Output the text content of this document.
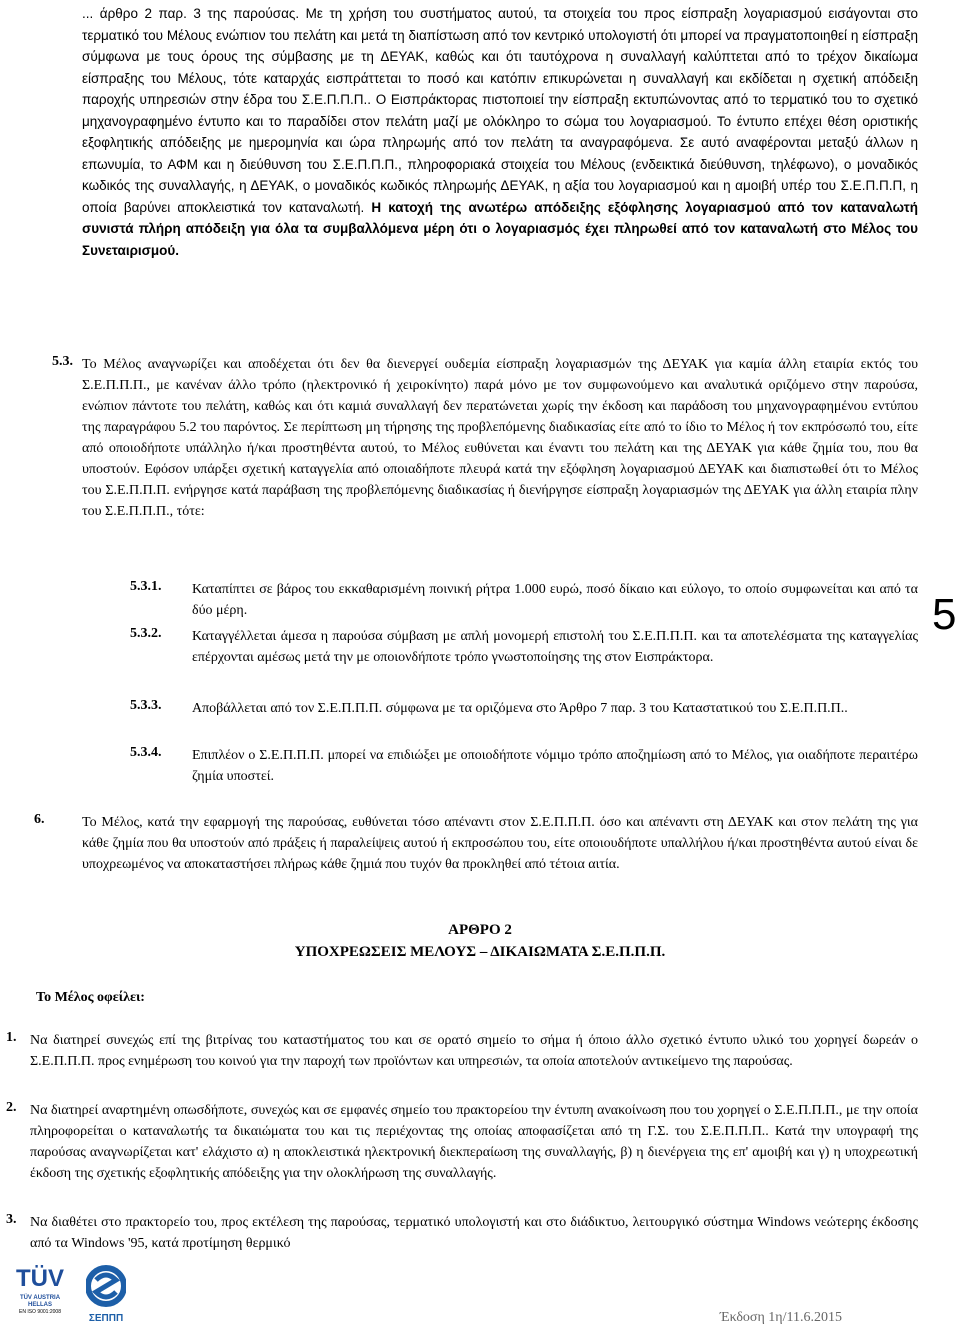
... άρθρο 2 παρ. 3 της παρούσας. Με τη χρήση του συστήματος αυτού, τα στοιχεία του προς είσπραξη λογαριασμού εισάγονται στο τερματικό του Μέλους ενώπιον του πελάτη και μετά τη διαπίστωση από τον κεντρικό υπολογιστή ότι μπορεί να πραγματοποιηθεί η είσπραξη σύμφωνα με τους όρους της σύμβασης με τη ΔΕΥΑΚ, καθώς και ότι ταυτόχρονα η συναλλαγή καλύπτεται από το τρέχον δικαίωμα είσπραξης του Μέλους, τότε καταρχάς εισπράττεται το ποσό και κατόπιν επικυρώνεται η συναλλαγή και εκδίδεται η σχετική απόδειξη παροχής υπηρεσιών στην έδρα του Σ.Ε.Π.Π.Π.. Ο Εισπράκτορας πιστοποιεί την είσπραξη εκτυπώνοντας από το τερματικό του το σχετικό μηχανογραφημένο έντυπο και το παραδίδει στον πελάτη μαζί με ολόκληρο το σώμα του λογαριασμού. Το έντυπο επέχει θέση οριστικής εξοφλητικής απόδειξης με ημερομηνία και ώρα πληρωμής από τον πελάτη τα αναγραφόμενα. Σε αυτό αναφέρονται μεταξύ άλλων η επωνυμία, το ΑΦΜ και η διεύθυνση του Σ.Ε.Π.Π.Π., πληροφοριακά στοιχεία του Μέλους (ενδεικτικά διεύθυνση, τηλέφωνο), ο μοναδικός κωδικός της συναλλαγής, η ΔΕΥΑΚ, ο μοναδικός κωδικός πληρωμής ΔΕΥΑΚ, η αξία του λογαριασμού και η αμοιβή υπέρ του Σ.Ε.Π.Π.Π, η οποία βαρύνει αποκλειστικά τον καταναλωτή. Η κατοχή της ανωτέρω απόδειξης εξόφλησης λογαριασμού από τον καταναλωτή συνιστά πλήρη απόδειξη για όλα τα συμβαλλόμενα μέρη ότι ο λογαριασμός έχει πληρωθεί από τον καταναλωτή στο Μέλος του Συνεταιρισμού.

5.3. Το Μέλος αναγνωρίζει και αποδέχεται ότι δεν θα διενεργεί ουδεμία είσπραξη λογαριασμών της ΔΕΥΑΚ για καμία άλλη εταιρία εκτός του Σ.Ε.Π.Π.Π., με κανέναν άλλο τρόπο (ηλεκτρονικό ή χειροκίνητο) παρά μόνο με τον συμφωνούμενο και αναλυτικά οριζόμενο στην παρούσα, ενώπιον πάντοτε του πελάτη, καθώς και ότι καμιά συναλλαγή δεν περατώνεται χωρίς την έκδοση και παράδοση του μηχανογραφημένου εντύπου της παραγράφου 5.2 του παρόντος. Σε περίπτωση μη τήρησης της προβλεπόμενης διαδικασίας είτε από το ίδιο το Μέλος ή τον εκπρόσωπό του, είτε από οποιοδήποτε υπάλληλο ή/και προστηθέντα αυτού, το Μέλος ευθύνεται και έναντι του πελάτη και της ΔΕΥΑΚ για κάθε ζημία του, που θα υποστούν. Εφόσον υπάρξει σχετική καταγγελία από οποιαδήποτε πλευρά κατά την εξόφληση λογαριασμού ΔΕΥΑΚ και διαπιστωθεί ότι το Μέλος του Σ.Ε.Π.Π.Π. ενήργησε κατά παράβαση της προβλεπόμενης διαδικασίας ή διενήργησε είσπραξη λογαριασμών της ΔΕΥΑΚ για άλλη εταιρία πλην του Σ.Ε.Π.Π.Π., τότε:

5.3.1. Καταπίπτει σε βάρος του εκκαθαρισμένη ποινική ρήτρα 1.000 ευρώ, ποσό δίκαιο και εύλογο, το οποίο συμφωνείται και από τα δύο μέρη.

5.3.2. Καταγγέλλεται άμεσα η παρούσα σύμβαση με απλή μονομερή επιστολή του Σ.Ε.Π.Π.Π. και τα αποτελέσματα της καταγγελίας επέρχονται αμέσως μετά την με οποιονδήποτε τρόπο γνωστοποίησης της στον Εισπράκτορα.

5.3.3. Αποβάλλεται από τον Σ.Ε.Π.Π.Π. σύμφωνα με τα οριζόμενα στο Άρθρο 7 παρ. 3 του Καταστατικού του Σ.Ε.Π.Π.Π..

5.3.4. Επιπλέον ο Σ.Ε.Π.Π.Π. μπορεί να επιδιώξει με οποιοδήποτε νόμιμο τρόπο αποζημίωση από το Μέλος, για οιαδήποτε περαιτέρω ζημία υποστεί.

6.	Το Μέλος, κατά την εφαρμογή της παρούσας, ευθύνεται τόσο απέναντι στον Σ.Ε.Π.Π.Π. όσο και απέναντι στη ΔΕΥΑΚ και στον πελάτη της για κάθε ζημία που θα υποστούν από πράξεις ή παραλείψεις αυτού ή εκπροσώπου του, είτε οποιουδήποτε υπαλλήλου ή/και προστηθέντα αυτού είναι δε υποχρεωμένος να αποκαταστήσει πλήρως κάθε ζημιά που τυχόν θα προκληθεί από τέτοια αιτία.

ΑΡΘΡΟ 2
ΥΠΟΧΡΕΩΣΕΙΣ ΜΕΛΟΥΣ – ΔΙΚΑΙΩΜΑΤΑ Σ.Ε.Π.Π.Π.

Το Μέλος οφείλει:

1. Να διατηρεί συνεχώς επί της βιτρίνας του καταστήματος του και σε ορατό σημείο το σήμα ή όποιο άλλο σχετικό έντυπο υλικό του χορηγεί δωρεάν ο Σ.Ε.Π.Π.Π. προς ενημέρωση του κοινού για την παροχή των προϊόντων και υπηρεσιών, τα οποία αποτελούν αντικείμενο της παρούσας.

2. Να διατηρεί αναρτημένη οπωσδήποτε, συνεχώς και σε εμφανές σημείο του πρακτορείου την έντυπη ανακοίνωση που του χορηγεί ο Σ.Ε.Π.Π.Π., με την οποία πληροφορείται ο καταναλωτής τα δικαιώματα του και τις περιέχοντας της οποίας αποφασίζεται από τη Γ.Σ. του Σ.Ε.Π.Π.Π.. Κατά την υπογραφή της παρούσας αναγνωρίζεται κατ' ελάχιστο α) η αποκλειστικά ηλεκτρονική διεκπεραίωση της συναλλαγής, β) η διενέργεια της επ' αμοιβή και γ) η υποχρεωτική έκδοση της σχετικής εξοφλητικής απόδειξης για την ολοκλήρωση της συναλλαγής.

3. Να διαθέτει στο πρακτορείο του, προς εκτέλεση της παρούσας, τερματικό υπολογιστή και στο διάδικτυο, λειτουργικό σύστημα Windows νεώτερης έκδοσης από τα Windows '95, κατά προτίμηση θερμικό

5
TÜV
TÜV AUSTRIA HELLAS
EN ISO 9001:2008
ΣΕΠΠΠ	Έκδοση 1η/11.6.2015
